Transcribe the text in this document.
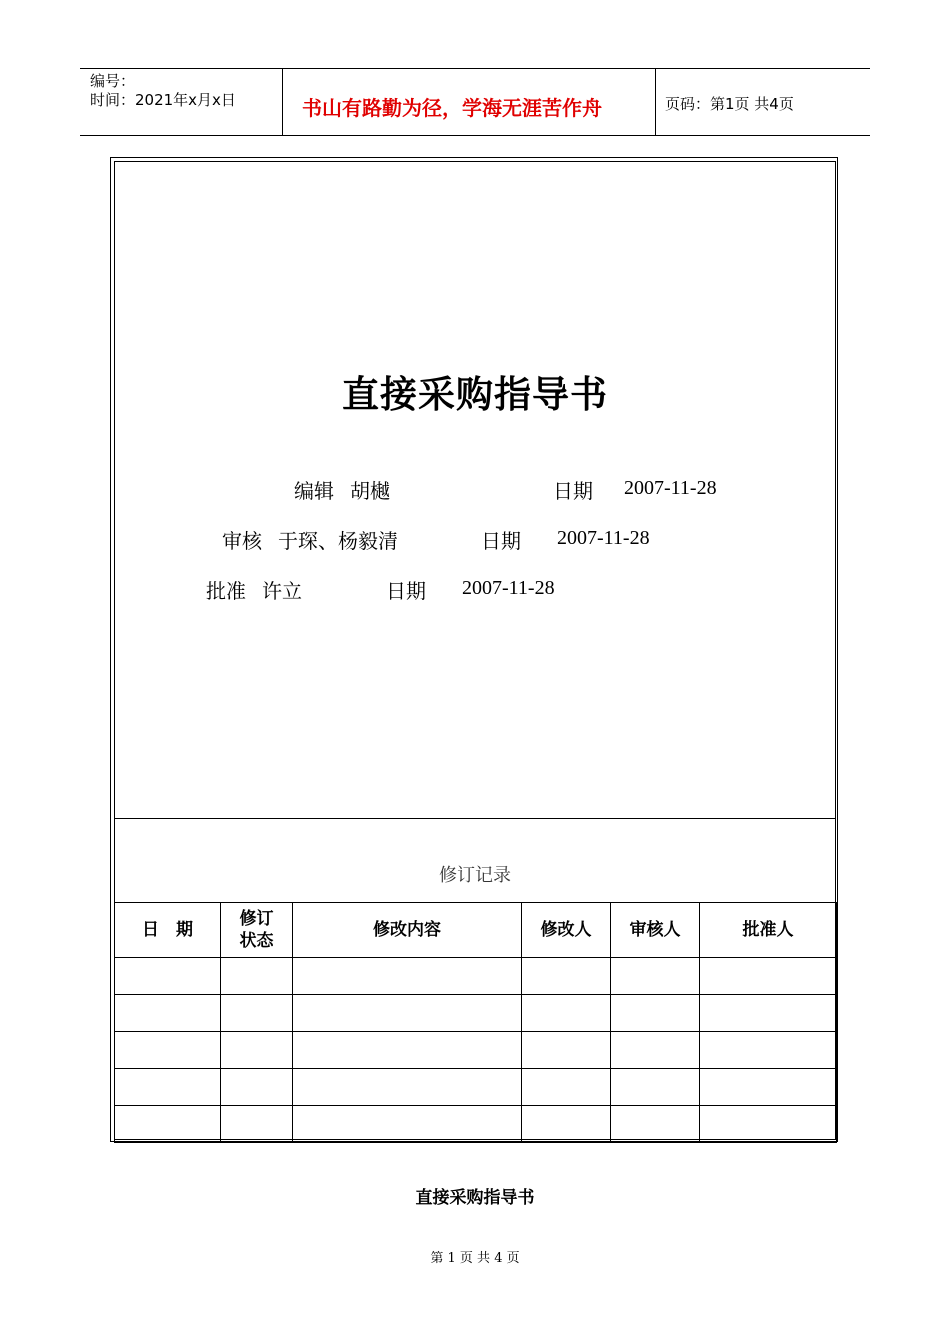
编号：
时间：2021年x月x日	书山有路勤为径，学海无涯苦作舟	页码：第1页 共4页
直接采购指导书
编辑 胡樾	日期 2007-11-28
审核 于琛、杨毅清	日期 2007-11-28
批准 许立	日期 2007-11-28
修订记录
日　期	修订状态	修改内容	修改人	审核人	批准人

直接采购指导书
第 1 页 共 4 页
